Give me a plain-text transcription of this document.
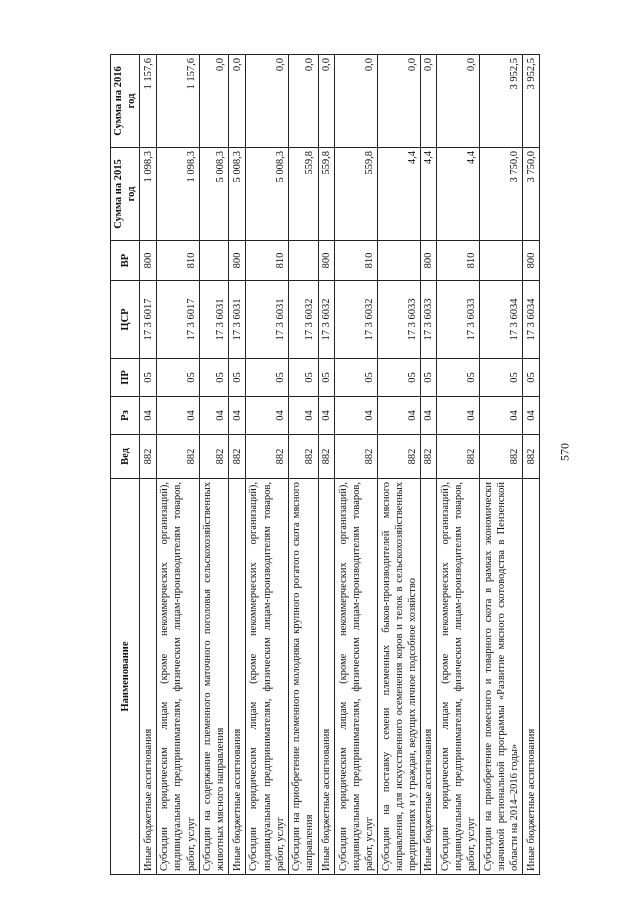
570
Наименование	Вед	Рз	ПР	ЦСР	ВР	Сумма на 2015 год	Сумма на 2016 год
Иные бюджетные ассигнования	882	04	05	17 3 6017	800	1 098,3	1 157,6
Субсидии юридическим лицам (кроме некоммерческих организаций), индивидуальным предпринимателям, физическим лицам-производителям товаров, работ, услуг	882	04	05	17 3 6017	810	1 098,3	1 157,6
Субсидии на содержание племенного маточного поголовья сельскохозяйственных животных мясного направления	882	04	05	17 3 6031		5 008,3	0,0
Иные бюджетные ассигнования	882	04	05	17 3 6031	800	5 008,3	0,0
Субсидии юридическим лицам (кроме некоммерческих организаций), индивидуальным предпринимателям, физическим лицам-производителям товаров, работ, услуг	882	04	05	17 3 6031	810	5 008,3	0,0
Субсидии на приобретение племенного молодняка крупного рогатого скота мясного направления	882	04	05	17 3 6032		559,8	0,0
Иные бюджетные ассигнования	882	04	05	17 3 6032	800	559,8	0,0
Субсидии юридическим лицам (кроме некоммерческих организаций), индивидуальным предпринимателям, физическим лицам-производителям товаров, работ, услуг	882	04	05	17 3 6032	810	559,8	0,0
Субсидии на поставку семени племенных быков-производителей мясного направления, для искусственного осеменения коров и телок в сельскохозяйственных предприятиях и у граждан, ведущих личное подсобное хозяйство	882	04	05	17 3 6033		4,4	0,0
Иные бюджетные ассигнования	882	04	05	17 3 6033	800	4,4	0,0
Субсидии юридическим лицам (кроме некоммерческих организаций), индивидуальным предпринимателям, физическим лицам-производителям товаров, работ, услуг	882	04	05	17 3 6033	810	4,4	0,0
Субсидии на приобретение помесного и товарного скота в рамках экономически значимой региональной программы «Развитие мясного скотоводства в Пензенской области на 2014–2016 годы»	882	04	05	17 3 6034		3 750,0	3 952,5
Иные бюджетные ассигнования	882	04	05	17 3 6034	800	3 750,0	3 952,5
